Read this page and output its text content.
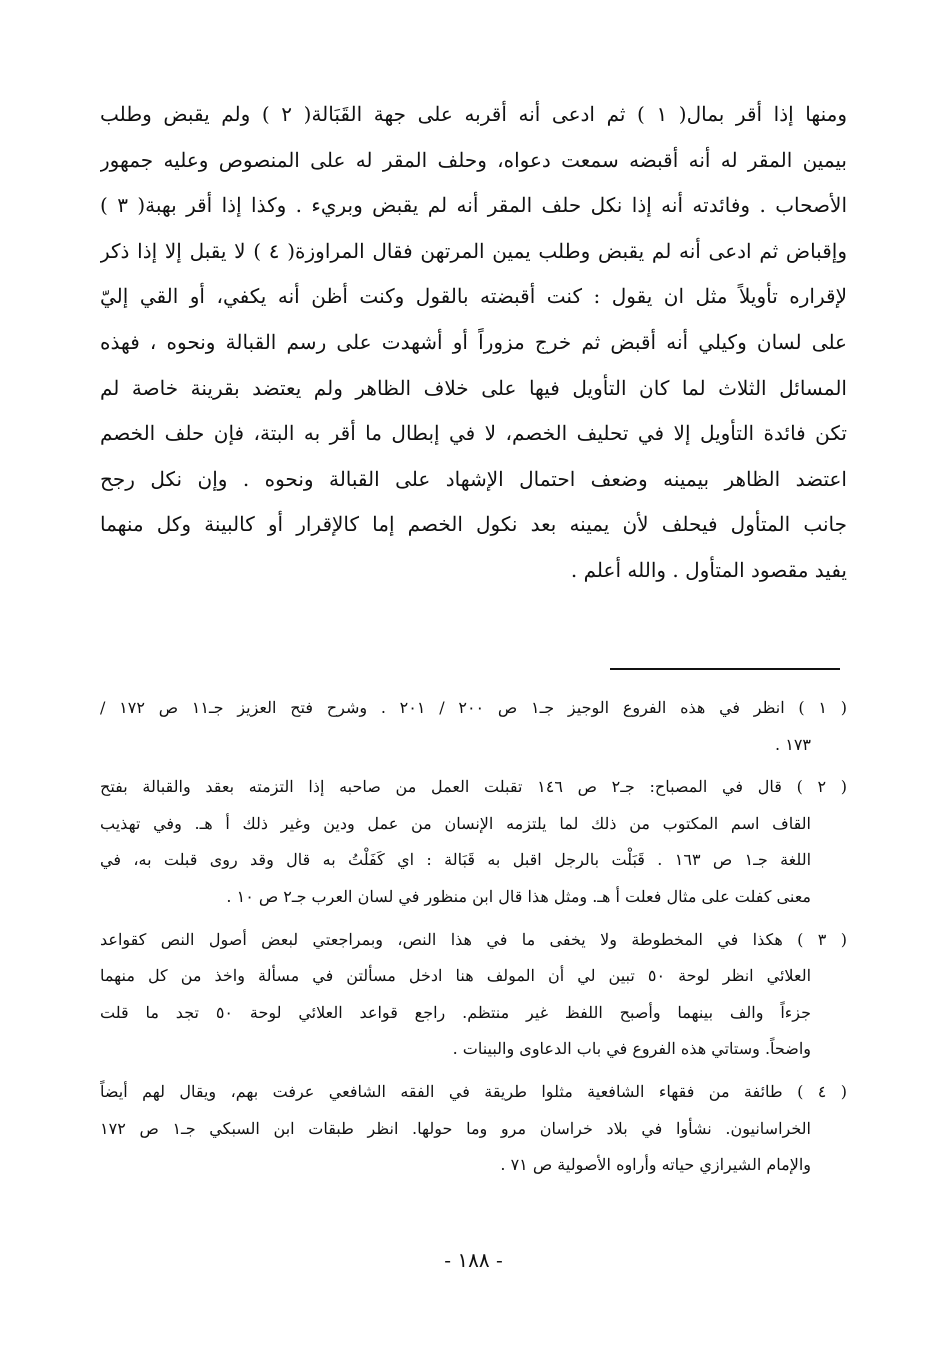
ومنها إذا أقر بمال( ١ ) ثم ادعى أنه أقربه على جهة القَبَالة( ٢ ) ولم يقبض وطلب
بيمين المقر له أنه أقبضه سمعت دعواه، وحلف المقر له على المنصوص وعليه جمهور
الأصحاب . وفائدته أنه إذا نكل حلف المقر أنه لم يقبض وبريء . وكذا إذا أقر بهبة( ٣ )
وإقباض ثم ادعى أنه لم يقبض وطلب يمين المرتهن فقال المراوزة( ٤ ) لا يقبل إلا إذا ذكر
لإقراره تأويلاً مثل ان يقول : كنت أقبضته بالقول وكنت أظن أنه يكفي، أو القي إليّ
على لسان وكيلي أنه أقبض ثم خرج مزوراً أو أشهدت على رسم القبالة ونحوه ، فهذه
المسائل الثلاث لما كان التأويل فيها على خلاف الظاهر ولم يعتضد بقرينة خاصة لم
تكن فائدة التأويل إلا في تحليف الخصم، لا في إبطال ما أقر به البتة، فإن حلف الخصم
اعتضد الظاهر بيمينه وضعف احتمال الإشهاد على القبالة ونحوه . وإن نكل رجح
جانب المتأول فيحلف لأن يمينه بعد نكول الخصم إما كالإقرار أو كالبينة وكل منهما
يفيد مقصود المتأول . والله أعلم .
( ١ ) انظر في هذه الفروع الوجيز جـ١ ص ٢٠٠ / ٢٠١ . وشرح فتح العزيز جـ١١ ص ١٧٢ /
١٧٣ .
( ٢ ) قال في المصباح: جـ٢ ص ١٤٦ تقبلت العمل من صاحبه إذا التزمته بعقد والقبالة بفتح
القاف اسم المكتوب من ذلك لما يلتزمه الإنسان من عمل ودين وغير ذلك أ هـ. وفي تهذيب
اللغة جـ١ ص ١٦٣ . قَبَلْت بالرجل اقبل به قَبَالة : اي كَفَلْتُ به قال وقد روى قبلت به، في
معنى كفلت على مثال فعلت أ هـ. ومثل هذا قال ابن منظور في لسان العرب جـ٢ ص ١٠ .
( ٣ ) هكذا في المخطوطة ولا يخفى ما في هذا النص، وبمراجعتي لبعض أصول النص كقواعد
العلائي انظر لوحة ٥٠ تبين لي أن المولف هنا ادخل مسألتن في مسألة واخذ من كل منهما
جزءاً والف بينهما وأصبح اللفظ غير منتظم. راجع قواعد العلائي لوحة ٥٠ تجد ما قلت
واضحاً. وستاتي هذه الفروع في باب الدعاوى والبينات .
( ٤ ) طائفة من فقهاء الشافعية مثلوا طريقة في الفقه الشافعي عرفت بهم، ويقال لهم أيضاً
الخراسانيون. نشأوا في بلاد خراسان مرو وما حولها. انظر طبقات ابن السبكي جـ١ ص ١٧٢
والإمام الشيرازي حياته وأراوه الأصولية ص ٧١ .
- ١٨٨ -
